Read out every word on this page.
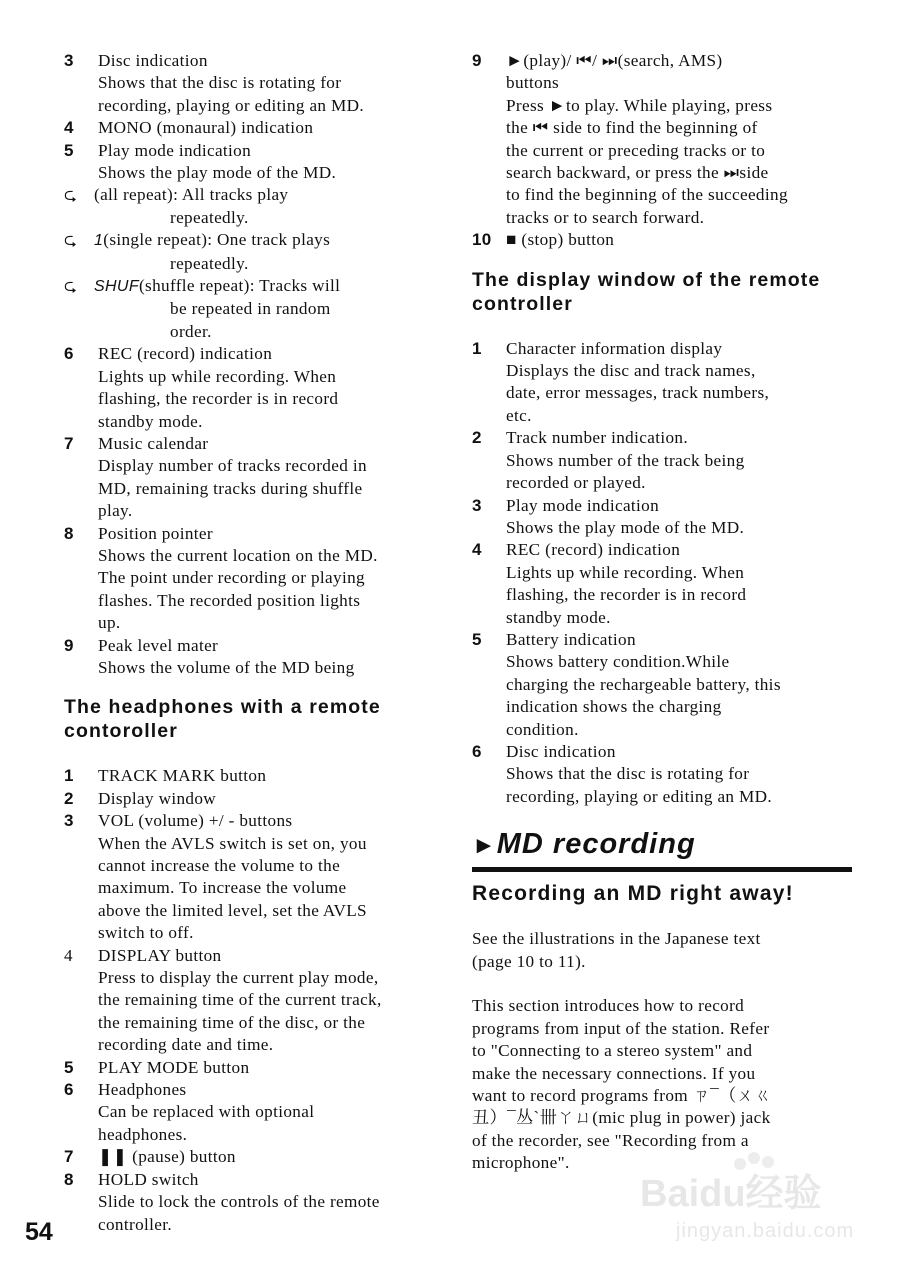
3 Disc indication
Shows that the disc is rotating for
recording, playing or editing an MD.
4 MONO (monaural) indication
5 Play mode indication
Shows the play mode of the MD.
⮎ (all repeat): All tracks play
repeatedly.
⮎ 1(single repeat): One track plays
repeatedly.
⮎ SHUF(shuffle repeat): Tracks will
be repeated in random
order.
6 REC (record) indication
Lights up while recording. When
flashing, the recorder is in record
standby mode.
7 Music calendar
Display number of tracks recorded in
MD, remaining tracks during shuffle
play.
8 Position pointer
Shows the current location on the MD.
The point under recording or playing
flashes. The recorded position lights
up.
9 Peak level mater
Shows the volume of the MD being
The headphones with a remote
contoroller
1 TRACK MARK button
2 Display window
3 VOL (volume) +/ - buttons
When the AVLS switch is set on, you
cannot increase the volume to the
maximum. To increase the volume
above the limited level, set the AVLS
switch to off.
4 DISPLAY button
Press to display the current play mode,
the remaining time of the current track,
the remaining time of the disc, or the
recording date and time.
5 PLAY MODE button
6 Headphones
Can be replaced with optional
headphones.
7 ❚❚ (pause) button
8 HOLD switch
Slide to lock the controls of the remote
controller.
9 ►(play)/ ⏮/ ⏭(search, AMS)
buttons
Press ►to play. While playing, press
the ⏮ side to find the beginning of
the current or preceding tracks or to
search backward, or press the ⏭side
to find the beginning of the succeeding
tracks or to search forward.
10 ■ (stop) button
The display window of the remote
controller
1 Character information display
Displays the disc and track names,
date, error messages, track numbers,
etc.
2 Track number indication.
Shows number of the track being
recorded or played.
3 Play mode indication
Shows the play mode of the MD.
4 REC (record) indication
Lights up while recording. When
flashing, the recorder is in record
standby mode.
5 Battery indication
Shows battery condition.While
charging the rechargeable battery, this
indication shows the charging
condition.
6 Disc indication
Shows that the disc is rotating for
recording, playing or editing an MD.
►MD recording
Recording an MD right away!
See the illustrations in the Japanese text
(page 10 to 11).
This section introduces how to record
programs from input of the station. Refer
to "Connecting to a stereo system" and
make the necessary connections. If you
want to record programs from ㄗ¯（ㄨㄍ
丑）¯丛ˋ卌ㄚㄩ(mic plug in power) jack
of the recorder, see "Recording from a
microphone".
54
Baidu经验
jingyan.baidu.com
